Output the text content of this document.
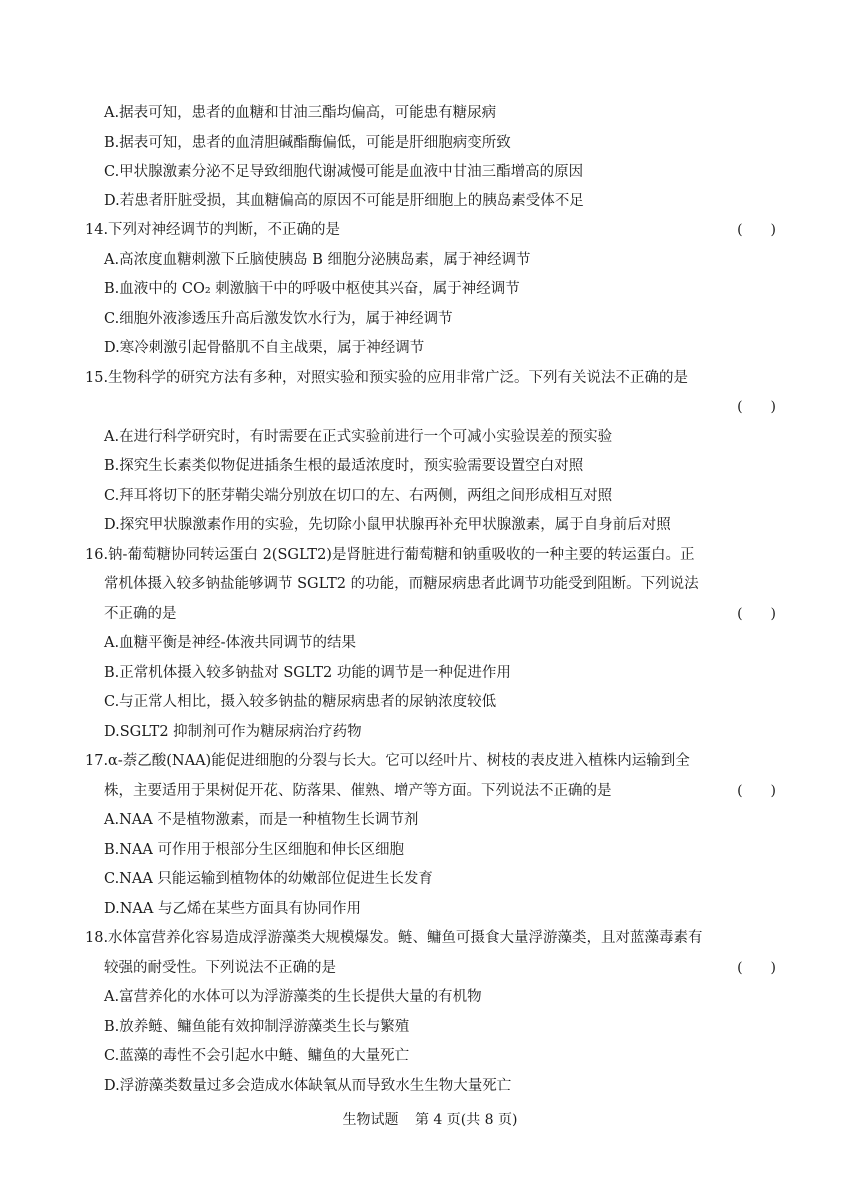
A.据表可知，患者的血糖和甘油三酯均偏高，可能患有糖尿病
B.据表可知，患者的血清胆碱酯酶偏低，可能是肝细胞病变所致
C.甲状腺激素分泌不足导致细胞代谢减慢可能是血液中甘油三酯增高的原因
D.若患者肝脏受损，其血糖偏高的原因不可能是肝细胞上的胰岛素受体不足
14.下列对神经调节的判断，不正确的是	(　　)
A.高浓度血糖刺激下丘脑使胰岛 B 细胞分泌胰岛素，属于神经调节
B.血液中的 CO₂ 刺激脑干中的呼吸中枢使其兴奋，属于神经调节
C.细胞外液渗透压升高后激发饮水行为，属于神经调节
D.寒冷刺激引起骨骼肌不自主战栗，属于神经调节
15.生物科学的研究方法有多种，对照实验和预实验的应用非常广泛。下列有关说法不正确的是
(　　)
A.在进行科学研究时，有时需要在正式实验前进行一个可减小实验误差的预实验
B.探究生长素类似物促进插条生根的最适浓度时，预实验需要设置空白对照
C.拜耳将切下的胚芽鞘尖端分别放在切口的左、右两侧，两组之间形成相互对照
D.探究甲状腺激素作用的实验，先切除小鼠甲状腺再补充甲状腺激素，属于自身前后对照
16.钠-葡萄糖协同转运蛋白 2(SGLT2)是肾脏进行葡萄糖和钠重吸收的一种主要的转运蛋白。正
常机体摄入较多钠盐能够调节 SGLT2 的功能，而糖尿病患者此调节功能受到阻断。下列说法
不正确的是	(　　)
A.血糖平衡是神经-体液共同调节的结果
B.正常机体摄入较多钠盐对 SGLT2 功能的调节是一种促进作用
C.与正常人相比，摄入较多钠盐的糖尿病患者的尿钠浓度较低
D.SGLT2 抑制剂可作为糖尿病治疗药物
17.α-萘乙酸(NAA)能促进细胞的分裂与长大。它可以经叶片、树枝的表皮进入植株内运输到全
株，主要适用于果树促开花、防落果、催熟、增产等方面。下列说法不正确的是	(　　)
A.NAA 不是植物激素，而是一种植物生长调节剂
B.NAA 可作用于根部分生区细胞和伸长区细胞
C.NAA 只能运输到植物体的幼嫩部位促进生长发育
D.NAA 与乙烯在某些方面具有协同作用
18.水体富营养化容易造成浮游藻类大规模爆发。鲢、鳙鱼可摄食大量浮游藻类，且对蓝藻毒素有
较强的耐受性。下列说法不正确的是	(　　)
A.富营养化的水体可以为浮游藻类的生长提供大量的有机物
B.放养鲢、鳙鱼能有效抑制浮游藻类生长与繁殖
C.蓝藻的毒性不会引起水中鲢、鳙鱼的大量死亡
D.浮游藻类数量过多会造成水体缺氧从而导致水生生物大量死亡
生物试题 第 4 页(共 8 页)
